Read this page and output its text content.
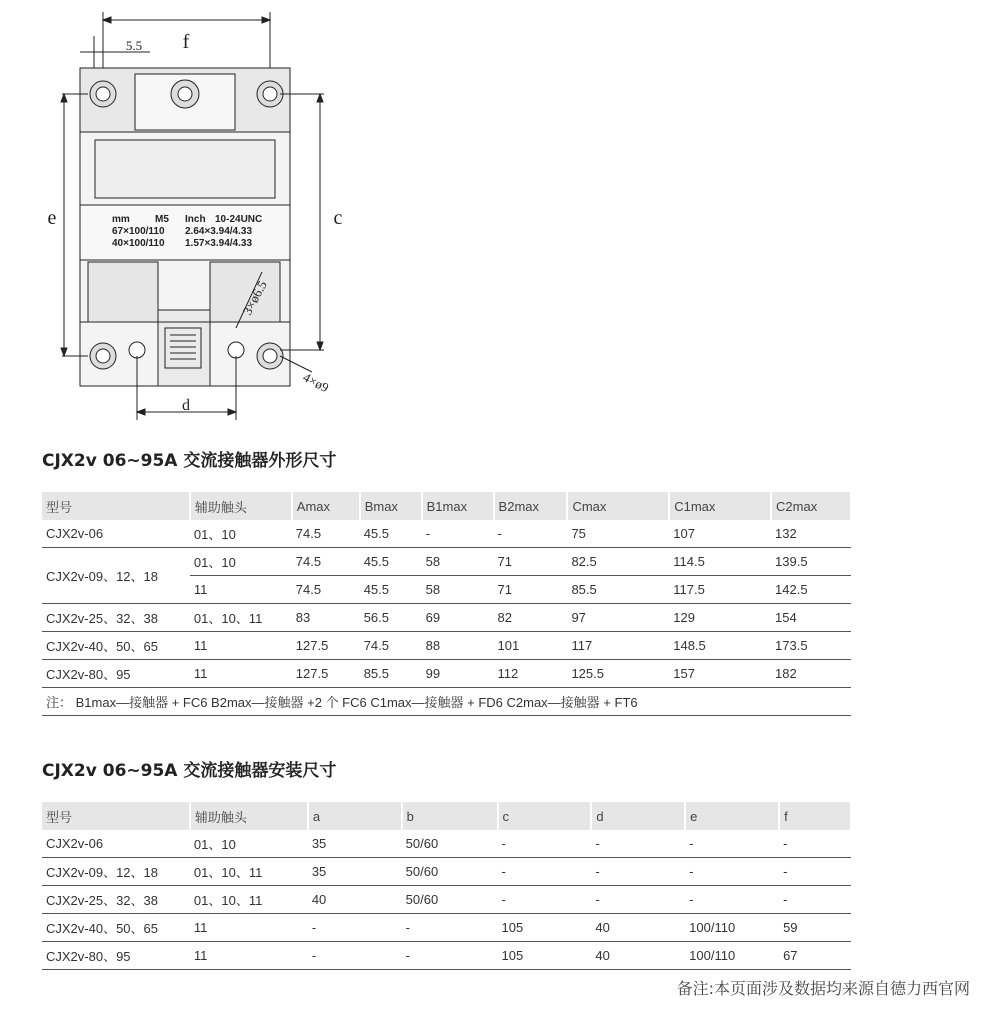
f
5.5
e	c
d
3×ø6.5
4×ø9
mm	M5 Inch 10-24UNC
67×100/110 2.64×3.94/4.33
40×100/110 1.57×3.94/4.33
CJX2v 06~95A 交流接触器外形尺寸
型号	辅助触头	Amax	Bmax	B1max	B2max	Cmax	C1max	C2max
CJX2v-06	01、10	74.5	45.5	-	-	75	107	132
CJX2v-09、12、18	01、10	74.5	45.5	58	71	82.5	114.5	139.5
	11	74.5	45.5	58	71	85.5	117.5	142.5
CJX2v-25、32、38	01、10、11	83	56.5	69	82	97	129	154
CJX2v-40、50、65	11	127.5	74.5	88	101	117	148.5	173.5
CJX2v-80、95	11	127.5	85.5	99	112	125.5	157	182
注： B1max—接触器 + FC6 B2max—接触器 +2 个 FC6 C1max—接触器 + FD6 C2max—接触器 + FT6								
CJX2v 06~95A 交流接触器安装尺寸
型号	辅助触头	a	b	c	d	e	f
CJX2v-06	01、10	35	50/60	-	-	-	-
CJX2v-09、12、18	01、10、11	35	50/60	-	-	-	-
CJX2v-25、32、38	01、10、11	40	50/60	-	-	-	-
CJX2v-40、50、65	11	-	-	105	40	100/110	59
CJX2v-80、95	11	-	-	105	40	100/110	67
备注:本页面涉及数据均来源自德力西官网
